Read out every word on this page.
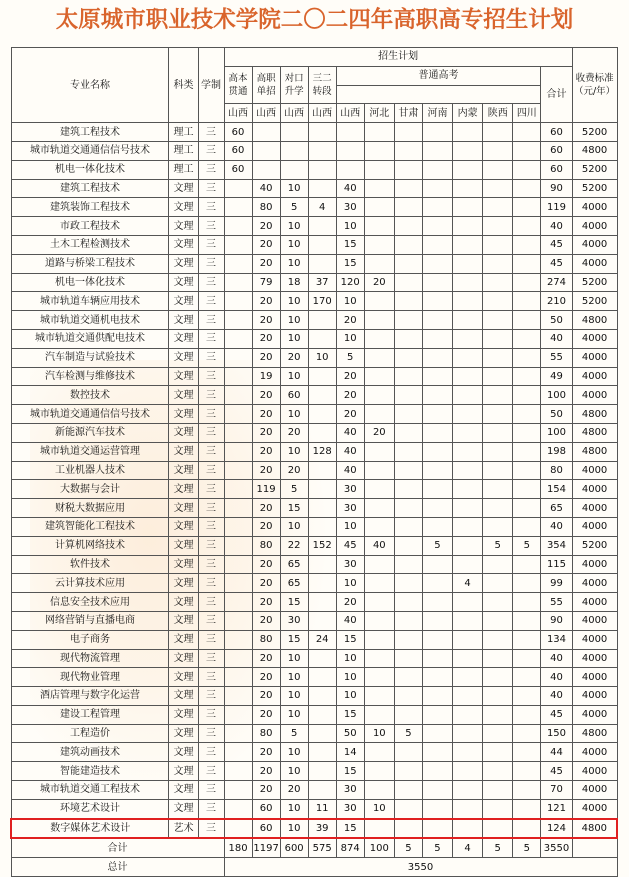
太原城市职业技术学院二〇二四年高职高专招生计划
专业名称	科类	学制	招生计划												收费标准（元/年）
			高本贯通	高职单招	对口升学	三二转段	普通高考							合计	

			山西	山西	山西	山西	山西	河北	甘肃	河南	内蒙	陕西	四川		
建筑工程技术	理工	三	60											60	5200
城市轨道交通通信信号技术	理工	三	60											60	4800
机电一体化技术	理工	三	60											60	5200
建筑工程技术	文理	三		40	10		40							90	5200
建筑装饰工程技术	文理	三		80	5	4	30							119	4000
市政工程技术	文理	三		20	10		10							40	4000
土木工程检测技术	文理	三		20	10		15							45	4000
道路与桥梁工程技术	文理	三		20	10		15							45	4000
机电一体化技术	文理	三		79	18	37	120	20						274	5200
城市轨道车辆应用技术	文理	三		20	10	170	10							210	5200
城市轨道交通机电技术	文理	三		20	10		20							50	4800
城市轨道交通供配电技术	文理	三		20	10		10							40	4000
汽车制造与试验技术	文理	三		20	20	10	5							55	4000
汽车检测与维修技术	文理	三		19	10		20							49	4000
数控技术	文理	三		20	60		20							100	4000
城市轨道交通通信信号技术	文理	三		20	10		20							50	4800
新能源汽车技术	文理	三		20	20		40	20						100	4800
城市轨道交通运营管理	文理	三		20	10	128	40							198	4800
工业机器人技术	文理	三		20	20		40							80	4000
大数据与会计	文理	三		119	5		30							154	4000
财税大数据应用	文理	三		20	15		30							65	4000
建筑智能化工程技术	文理	三		20	10		10							40	4000
计算机网络技术	文理	三		80	22	152	45	40		5		5	5	354	5200
软件技术	文理	三		20	65		30							115	4000
云计算技术应用	文理	三		20	65		10				4			99	4000
信息安全技术应用	文理	三		20	15		20							55	4000
网络营销与直播电商	文理	三		20	30		40							90	4000
电子商务	文理	三		80	15	24	15							134	4000
现代物流管理	文理	三		20	10		10							40	4000
现代物业管理	文理	三		20	10		10							40	4000
酒店管理与数字化运营	文理	三		20	10		10							40	4000
建设工程管理	文理	三		20	10		15							45	4000
工程造价	文理	三		80	5		50	10	5					150	4800
建筑动画技术	文理	三		20	10		14							44	4000
智能建造技术	文理	三		20	10		15							45	4000
城市轨道交通工程技术	文理	三		20	20		30							70	4000
环境艺术设计	文理	三		60	10	11	30	10						121	4000
数字媒体艺术设计	艺术	三		60	10	39	15							124	4800
合计			180	1197	600	575	874	100	5	5	4	5	5	3550	
总计			3550												
